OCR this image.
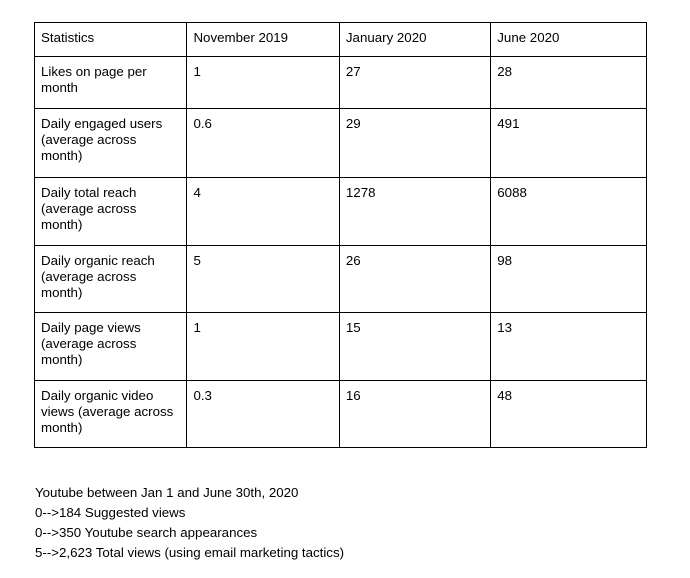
Statistics	November 2019	January 2020	June 2020
Likes on page per month	1	27	28
Daily engaged users (average across month)	0.6	29	491
Daily total reach (average across month)	4	1278	6088
Daily organic reach (average across month)	5	26	98
Daily page views (average across month)	1	15	13
Daily organic video views (average across month)	0.3	16	48
Youtube between Jan 1 and June 30th, 2020
0-->184 Suggested views
0-->350 Youtube search appearances
5-->2,623 Total views (using email marketing tactics)
